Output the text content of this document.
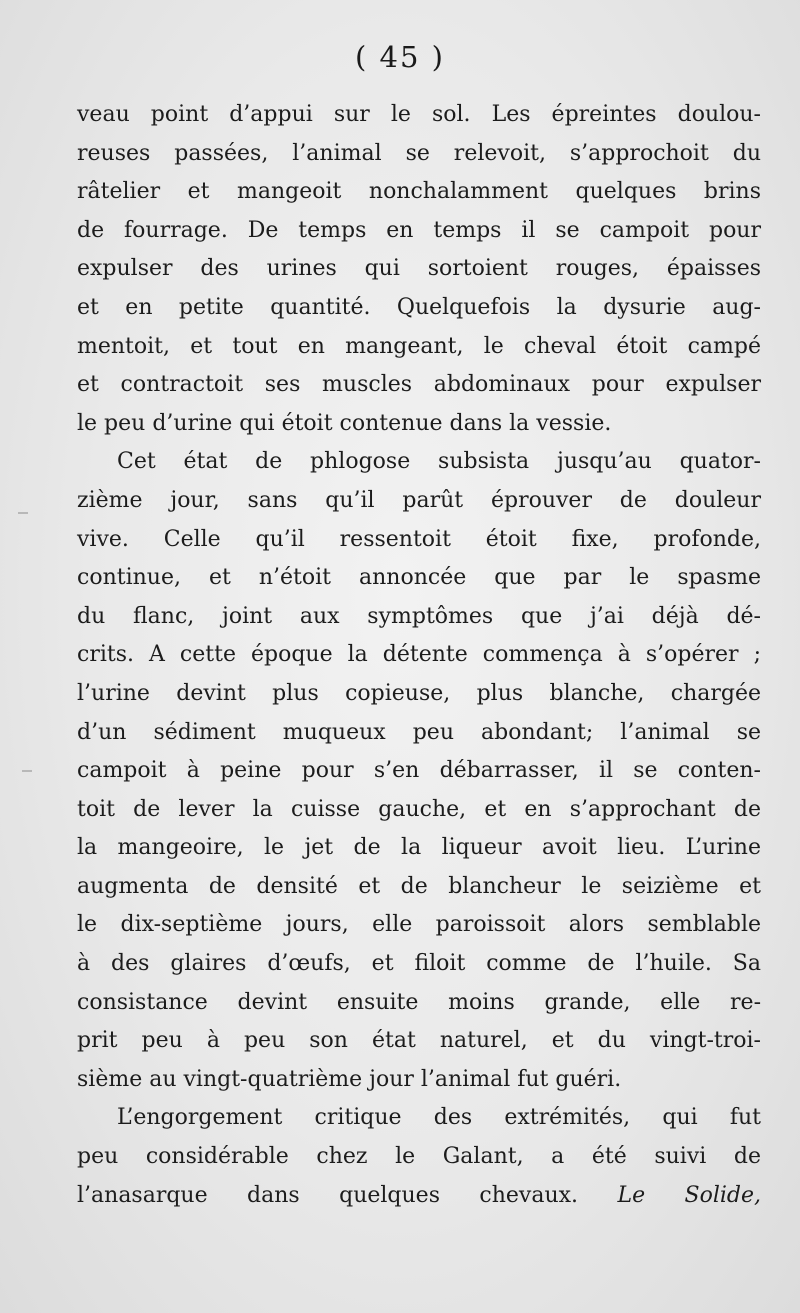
( 45 )
veau point d’appui sur le sol. Les épreintes doulou-
reuses passées, l’animal se relevoit, s’approchoit du
râtelier et mangeoit nonchalamment quelques brins
de fourrage. De temps en temps il se campoit pour
expulser des urines qui sortoient rouges, épaisses
et en petite quantité. Quelquefois la dysurie aug-
mentoit, et tout en mangeant, le cheval étoit campé
et contractoit ses muscles abdominaux pour expulser
le peu d’urine qui étoit contenue dans la vessie.
Cet état de phlogose subsista jusqu’au quator-
zième jour, sans qu’il parût éprouver de douleur
vive. Celle qu’il ressentoit étoit fixe, profonde,
continue, et n’étoit annoncée que par le spasme
du flanc, joint aux symptômes que j’ai déjà dé-
crits. A cette époque la détente commença à s’opérer ;
l’urine devint plus copieuse, plus blanche, chargée
d’un sédiment muqueux peu abondant; l’animal se
campoit à peine pour s’en débarrasser, il se conten-
toit de lever la cuisse gauche, et en s’approchant de
la mangeoire, le jet de la liqueur avoit lieu. L’urine
augmenta de densité et de blancheur le seizième et
le dix-septième jours, elle paroissoit alors semblable
à des glaires d’œufs, et filoit comme de l’huile. Sa
consistance devint ensuite moins grande, elle re-
prit peu à peu son état naturel, et du vingt-troi-
sième au vingt-quatrième jour l’animal fut guéri.
L’engorgement critique des extrémités, qui fut
peu considérable chez le Galant, a été suivi de
l’anasarque dans quelques chevaux. Le Solide,
